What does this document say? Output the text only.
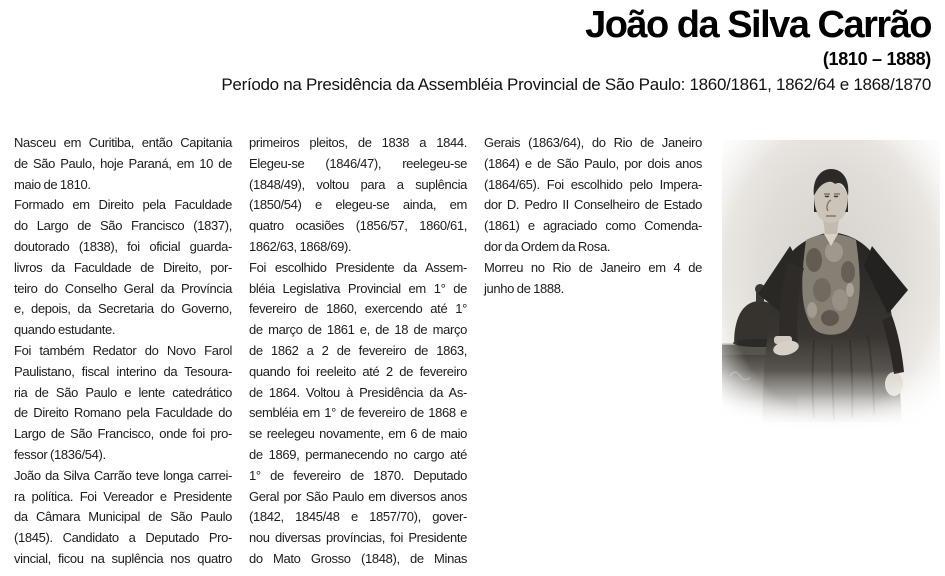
João da Silva Carrão
(1810 – 1888)
Período na Presidência da Assembléia Provincial de São Paulo: 1860/1861, 1862/64 e 1868/1870
Nasceu em Curitiba, então Capitania
de São Paulo, hoje Paraná, em 10 de
maio de 1810.
Formado em Direito pela Faculdade
do Largo de São Francisco (1837),
doutorado (1838), foi oficial guarda-
livros da Faculdade de Direito, por-
teiro do Conselho Geral da Província
e, depois, da Secretaria do Governo,
quando estudante.
Foi também Redator do Novo Farol
Paulistano, fiscal interino da Tesoura-
ria de São Paulo e lente catedrático
de Direito Romano pela Faculdade do
Largo de São Francisco, onde foi pro-
fessor (1836/54).
João da Silva Carrão teve longa carrei-
ra política. Foi Vereador e Presidente
da Câmara Municipal de São Paulo
(1845). Candidato a Deputado Pro-
vincial, ficou na suplência nos quatro
primeiros pleitos, de 1838 a 1844.
Elegeu-se (1846/47), reelegeu-se
(1848/49), voltou para a suplência
(1850/54) e elegeu-se ainda, em
quatro ocasiões (1856/57, 1860/61,
1862/63, 1868/69).
Foi escolhido Presidente da Assem-
bléia Legislativa Provincial em 1° de
fevereiro de 1860, exercendo até 1°
de março de 1861 e, de 18 de março
de 1862 a 2 de fevereiro de 1863,
quando foi reeleito até 2 de fevereiro
de 1864. Voltou à Presidência da As-
sembléia em 1° de fevereiro de 1868 e
se reelegeu novamente, em 6 de maio
de 1869, permanecendo no cargo até
1° de fevereiro de 1870. Deputado
Geral por São Paulo em diversos anos
(1842, 1845/48 e 1857/70), gover-
nou diversas províncias, foi Presidente
do Mato Grosso (1848), de Minas
Gerais (1863/64), do Rio de Janeiro
(1864) e de São Paulo, por dois anos
(1864/65). Foi escolhido pelo Impera-
dor D. Pedro II Conselheiro de Estado
(1861) e agraciado como Comenda-
dor da Ordem da Rosa.
Morreu no Rio de Janeiro em 4 de
junho de 1888.
